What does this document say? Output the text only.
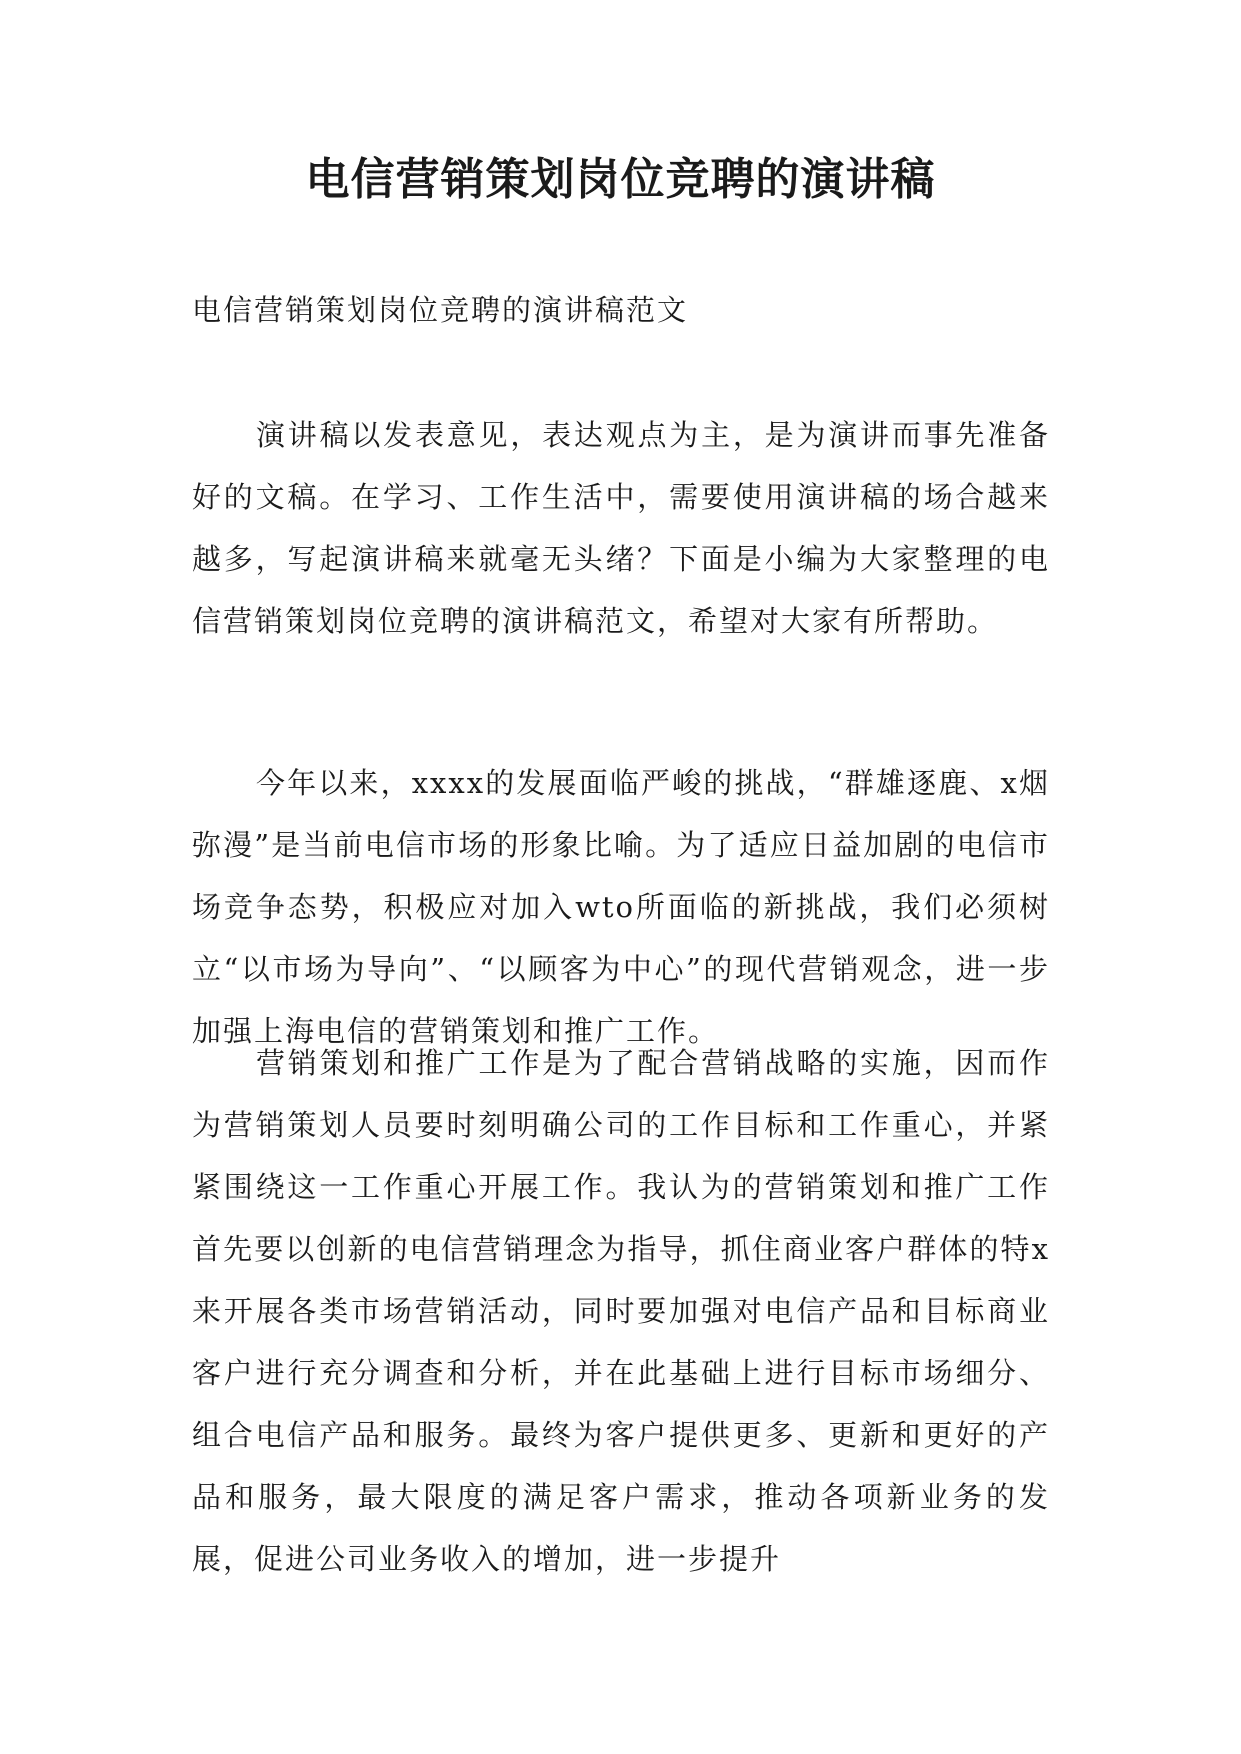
电信营销策划岗位竞聘的演讲稿

电信营销策划岗位竞聘的演讲稿范文

演讲稿以发表意见，表达观点为主，是为演讲而事先准备好的文稿。在学习、工作生活中，需要使用演讲稿的场合越来越多，写起演讲稿来就毫无头绪？下面是小编为大家整理的电信营销策划岗位竞聘的演讲稿范文，希望对大家有所帮助。

今年以来，xxxx的发展面临严峻的挑战，“群雄逐鹿、x烟弥漫”是当前电信市场的形象比喻。为了适应日益加剧的电信市场竞争态势，积极应对加入wto所面临的新挑战，我们必须树立“以市场为导向”、“以顾客为中心”的现代营销观念，进一步加强上海电信的营销策划和推广工作。

营销策划和推广工作是为了配合营销战略的实施，因而作为营销策划人员要时刻明确公司的工作目标和工作重心，并紧紧围绕这一工作重心开展工作。我认为的营销策划和推广工作首先要以创新的电信营销理念为指导，抓住商业客户群体的特x来开展各类市场营销活动，同时要加强对电信产品和目标商业客户进行充分调查和分析，并在此基础上进行目标市场细分、组合电信产品和服务。最终为客户提供更多、更新和更好的产品和服务，最大限度的满足客户需求，推动各项新业务的发展，促进公司业务收入的增加，进一步提升
